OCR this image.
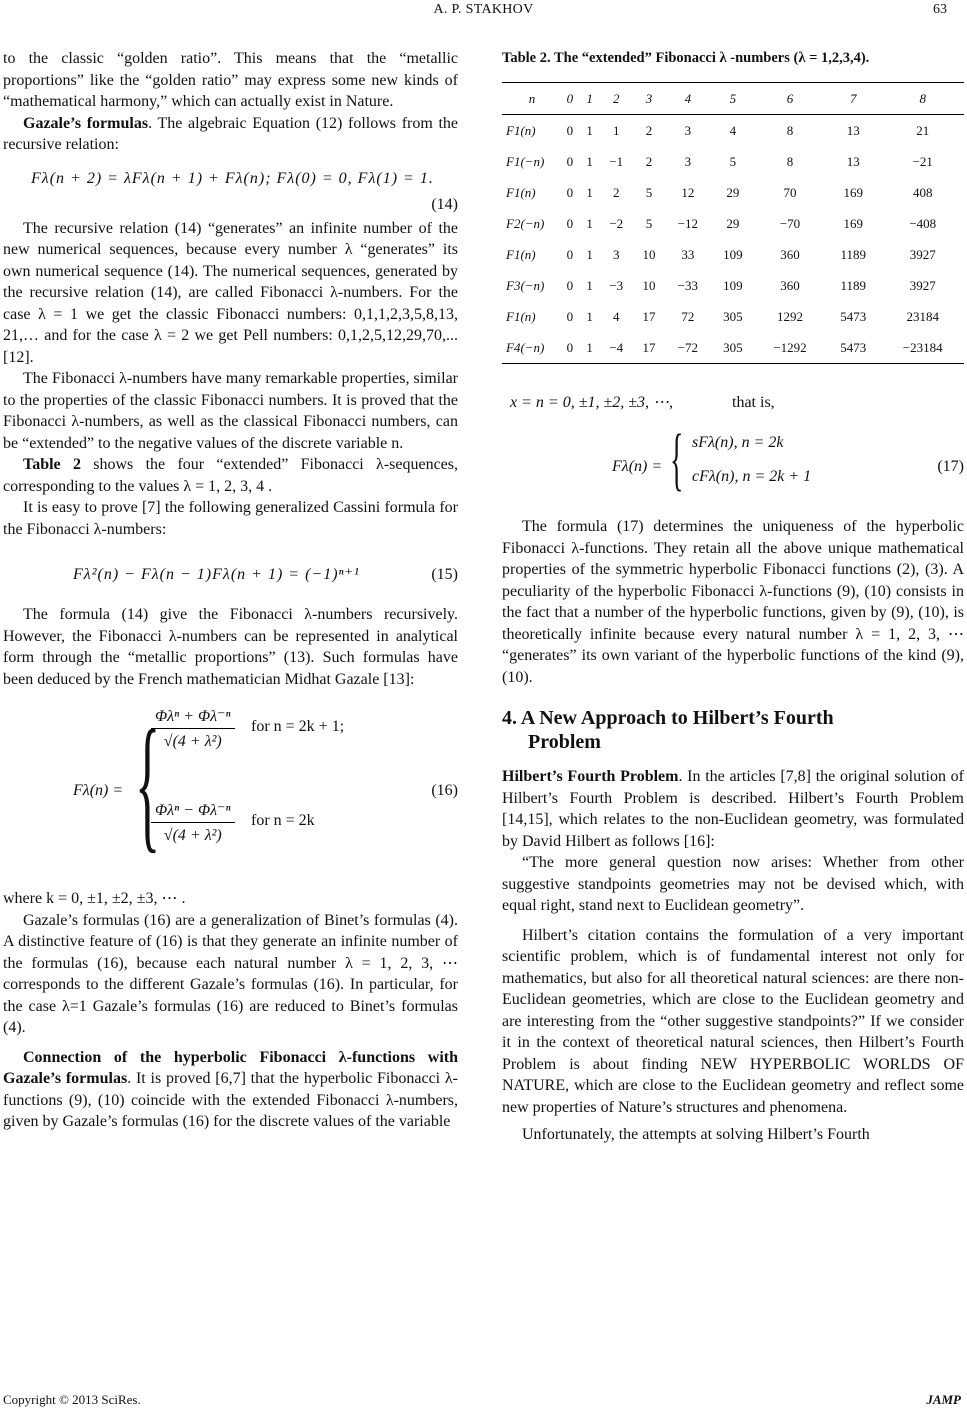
A. P. STAKHOV	63

to the classic “golden ratio”. This means that the “metallic proportions” like the “golden ratio” may express some new kinds of “mathematical harmony,” which can actually exist in Nature.

Gazale’s formulas. The algebraic Equation (12) follows from the recursive relation:

Fλ(n + 2) = λFλ(n + 1) + Fλ(n); Fλ(0) = 0, Fλ(1) = 1.
(14)

The recursive relation (14) “generates” an infinite number of the new numerical sequences, because every number λ “generates” its own numerical sequence (14). The numerical sequences, generated by the recursive relation (14), are called Fibonacci λ-numbers. For the case λ = 1 we get the classic Fibonacci numbers: 0,1,1,2,3,5,8,13, 21,… and for the case λ = 2 we get Pell numbers: 0,1,2,5,12,29,70,... [12].

The Fibonacci λ-numbers have many remarkable properties, similar to the properties of the classic Fibonacci numbers. It is proved that the Fibonacci λ-numbers, as well as the classical Fibonacci numbers, can be “extended” to the negative values of the discrete variable n.

Table 2 shows the four “extended” Fibonacci λ-sequences, corresponding to the values λ = 1, 2, 3, 4 .

It is easy to prove [7] the following generalized Cassini formula for the Fibonacci λ-numbers:

Fλ²(n) − Fλ(n − 1)Fλ(n + 1) = (−1)ⁿ⁺¹	(15)

The formula (14) give the Fibonacci λ-numbers recursively. However, the Fibonacci λ-numbers can be represented in analytical form through the “metallic proportions” (13). Such formulas have been deduced by the French mathematician Midhat Gazale [13]:

Fλ(n) = {
Φλⁿ + Φλ⁻ⁿ
√(4 + λ²)
for n = 2k + 1;
Φλⁿ − Φλ⁻ⁿ
√(4 + λ²)
for n = 2k
(16)

where k = 0, ±1, ±2, ±3, ⋯ .

Gazale’s formulas (16) are a generalization of Binet’s formulas (4). A distinctive feature of (16) is that they generate an infinite number of the formulas (16), because each natural number λ = 1, 2, 3, ⋯ corresponds to the different Gazale’s formulas (16). In particular, for the case λ=1 Gazale’s formulas (16) are reduced to Binet’s formulas (4).

Connection of the hyperbolic Fibonacci λ-functions with Gazale’s formulas. It is proved [6,7] that the hyperbolic Fibonacci λ-functions (9), (10) coincide with the extended Fibonacci λ-numbers, given by Gazale’s formulas (16) for the discrete values of the variable

Table 2. The “extended” Fibonacci λ -numbers (λ = 1,2,3,4).
n	0	1	2	3	4	5	6	7	8
F1(n)	0	1	1	2	3	4	8	13	21
F1(−n)	0	1	−1	2	3	5	8	13	−21
F1(n)	0	1	2	5	12	29	70	169	408
F2(−n)	0	1	−2	5	−12	29	−70	169	−408
F1(n)	0	1	3	10	33	109	360	1189	3927
F3(−n)	0	1	−3	10	−33	109	360	1189	3927
F1(n)	0	1	4	17	72	305	1292	5473	23184
F4(−n)	0	1	−4	17	−72	305	−1292	5473	−23184
x = n = 0, ±1, ±2, ±3, ⋯,	that is,
Fλ(n) = { sFλ(n), n = 2k
cFλ(n), n = 2k + 1
(17)

The formula (17) determines the uniqueness of the hyperbolic Fibonacci λ-functions. They retain all the above unique mathematical properties of the symmetric hyperbolic Fibonacci functions (2), (3). A peculiarity of the hyperbolic Fibonacci λ-functions (9), (10) consists in the fact that a number of the hyperbolic functions, given by (9), (10), is theoretically infinite because every natural number λ = 1, 2, 3, ⋯ “generates” its own variant of the hyperbolic functions of the kind (9), (10).

4. A New Approach to Hilbert’s Fourth
Problem

Hilbert’s Fourth Problem. In the articles [7,8] the original solution of Hilbert’s Fourth Problem is described. Hilbert’s Fourth Problem [14,15], which relates to the non-Euclidean geometry, was formulated by David Hilbert as follows [16]:

“The more general question now arises: Whether from other suggestive standpoints geometries may not be devised which, with equal right, stand next to Euclidean geometry”.

Hilbert’s citation contains the formulation of a very important scientific problem, which is of fundamental interest not only for mathematics, but also for all theoretical natural sciences: are there non-Euclidean geometries, which are close to the Euclidean geometry and are interesting from the “other suggestive standpoints?” If we consider it in the context of theoretical natural sciences, then Hilbert’s Fourth Problem is about finding NEW HYPERBOLIC WORLDS OF NATURE, which are close to the Euclidean geometry and reflect some new properties of Nature’s structures and phenomena.

Unfortunately, the attempts at solving Hilbert’s Fourth

Copyright © 2013 SciRes.	JAMP
